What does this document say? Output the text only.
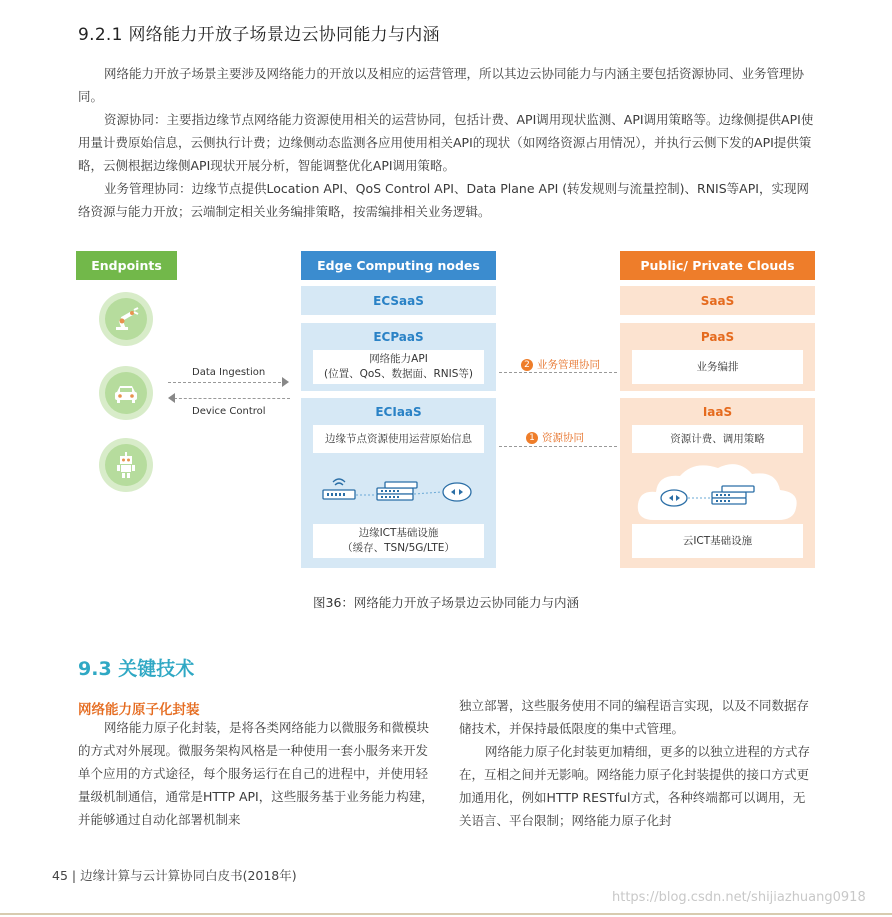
9.2.1 网络能力开放子场景边云协同能力与内涵

网络能力开放子场景主要涉及网络能力的开放以及相应的运营管理，所以其边云协同能力与内涵主要包括资源协同、业务管理协同。

资源协同：主要指边缘节点网络能力资源使用相关的运营协同，包括计费、API调用现状监测、API调用策略等。边缘侧提供API使用量计费原始信息，云侧执行计费；边缘侧动态监测各应用使用相关API的现状（如网络资源占用情况），并执行云侧下发的API提供策略，云侧根据边缘侧API现状开展分析，智能调整优化API调用策略。

业务管理协同：边缘节点提供Location API、QoS Control API、Data Plane API (转发规则与流量控制)、RNIS等API，实现网络资源与能力开放；云端制定相关业务编排策略，按需编排相关业务逻辑。

Endpoints	Edge Computing nodes	Public/ Private Clouds
Data Ingestion
Device Control
ECSaaS
ECPaaS
网络能力API
(位置、QoS、数据面、RNIS等)
ECIaaS
边缘节点资源使用运营原始信息
边缘ICT基础设施
（缓存、TSN/5G/LTE）
2 业务管理协同
1 资源协同
SaaS
PaaS
业务编排
IaaS
资源计费、调用策略
云ICT基础设施
图36：网络能力开放子场景边云协同能力与内涵
9.3 关键技术
网络能力原子化封装

网络能力原子化封装，是将各类网络能力以微服务和微模块的方式对外展现。微服务架构风格是一种使用一套小服务来开发单个应用的方式途径，每个服务运行在自己的进程中，并使用轻量级机制通信，通常是HTTP API，这些服务基于业务能力构建，并能够通过自动化部署机制来

独立部署，这些服务使用不同的编程语言实现，以及不同数据存储技术，并保持最低限度的集中式管理。

网络能力原子化封装更加精细，更多的以独立进程的方式存在，互相之间并无影响。网络能力原子化封装提供的接口方式更加通用化，例如HTTP RESTful方式，各种终端都可以调用，无关语言、平台限制；网络能力原子化封

45 | 边缘计算与云计算协同白皮书(2018年)
https://blog.csdn.net/shijiazhuang0918
